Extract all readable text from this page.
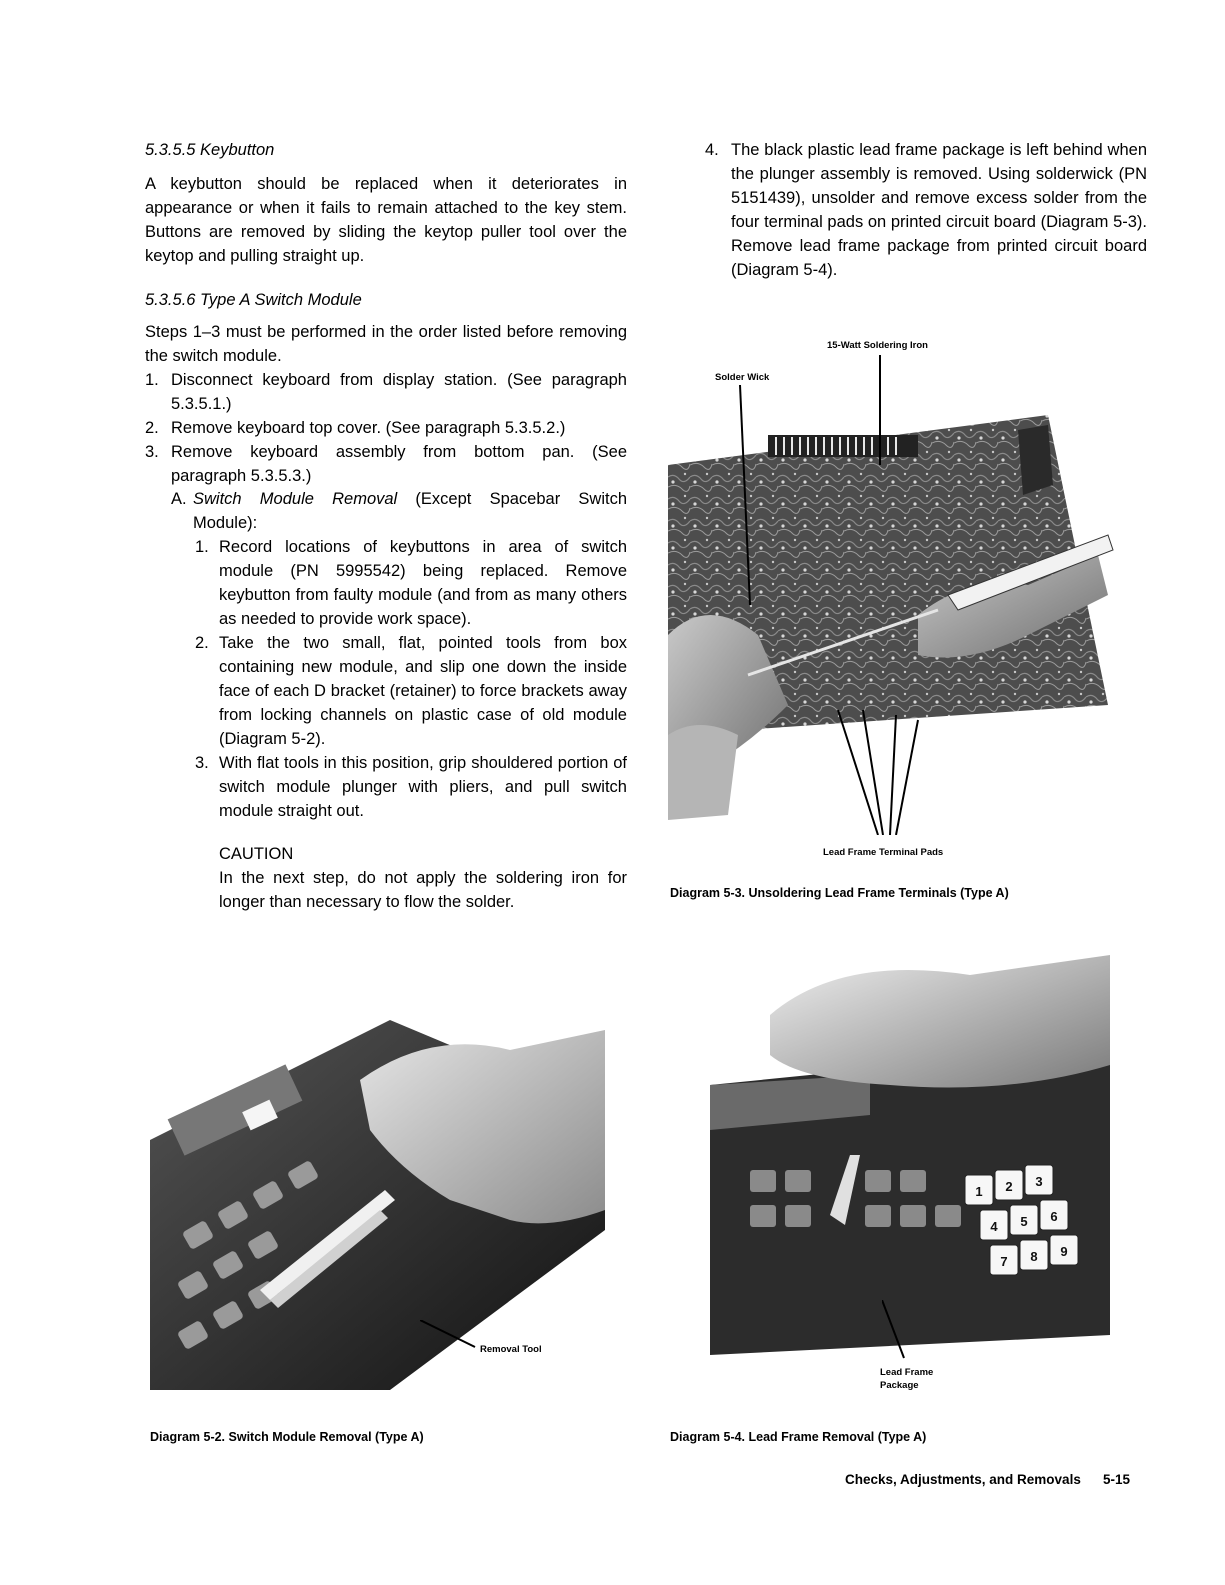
5.3.5.5 Keybutton
A keybutton should be replaced when it deteriorates in appearance or when it fails to remain attached to the key stem. Buttons are removed by sliding the keytop puller tool over the keytop and pulling straight up.
5.3.5.6 Type A Switch Module
Steps 1–3 must be performed in the order listed before removing the switch module.
1. Disconnect keyboard from display station. (See paragraph 5.3.5.1.)
2. Remove keyboard top cover. (See paragraph 5.3.5.2.)
3. Remove keyboard assembly from bottom pan. (See paragraph 5.3.5.3.)
A. Switch Module Removal (Except Spacebar Switch Module):
1. Record locations of keybuttons in area of switch module (PN 5995542) being replaced. Remove keybutton from faulty module (and from as many others as needed to provide work space).
2. Take the two small, flat, pointed tools from box containing new module, and slip one down the inside face of each D bracket (retainer) to force brackets away from locking channels on plastic case of old module (Diagram 5-2).
3. With flat tools in this position, grip shouldered portion of switch module plunger with pliers, and pull switch module straight out.
CAUTION
In the next step, do not apply the soldering iron for longer than necessary to flow the solder.
4. The black plastic lead frame package is left behind when the plunger assembly is removed. Using solderwick (PN 5151439), unsolder and remove excess solder from the four terminal pads on printed circuit board (Diagram 5-3). Remove lead frame package from printed circuit board (Diagram 5-4).
15-Watt Soldering Iron
Solder Wick
Lead Frame Terminal Pads
Diagram 5-3. Unsoldering Lead Frame Terminals (Type A)
Removal Tool
Diagram 5-2. Switch Module Removal (Type A)
1 2 3
4 5 6
7 8 9
Lead Frame
Package
Diagram 5-4. Lead Frame Removal (Type A)
Checks, Adjustments, and Removals 5-15
